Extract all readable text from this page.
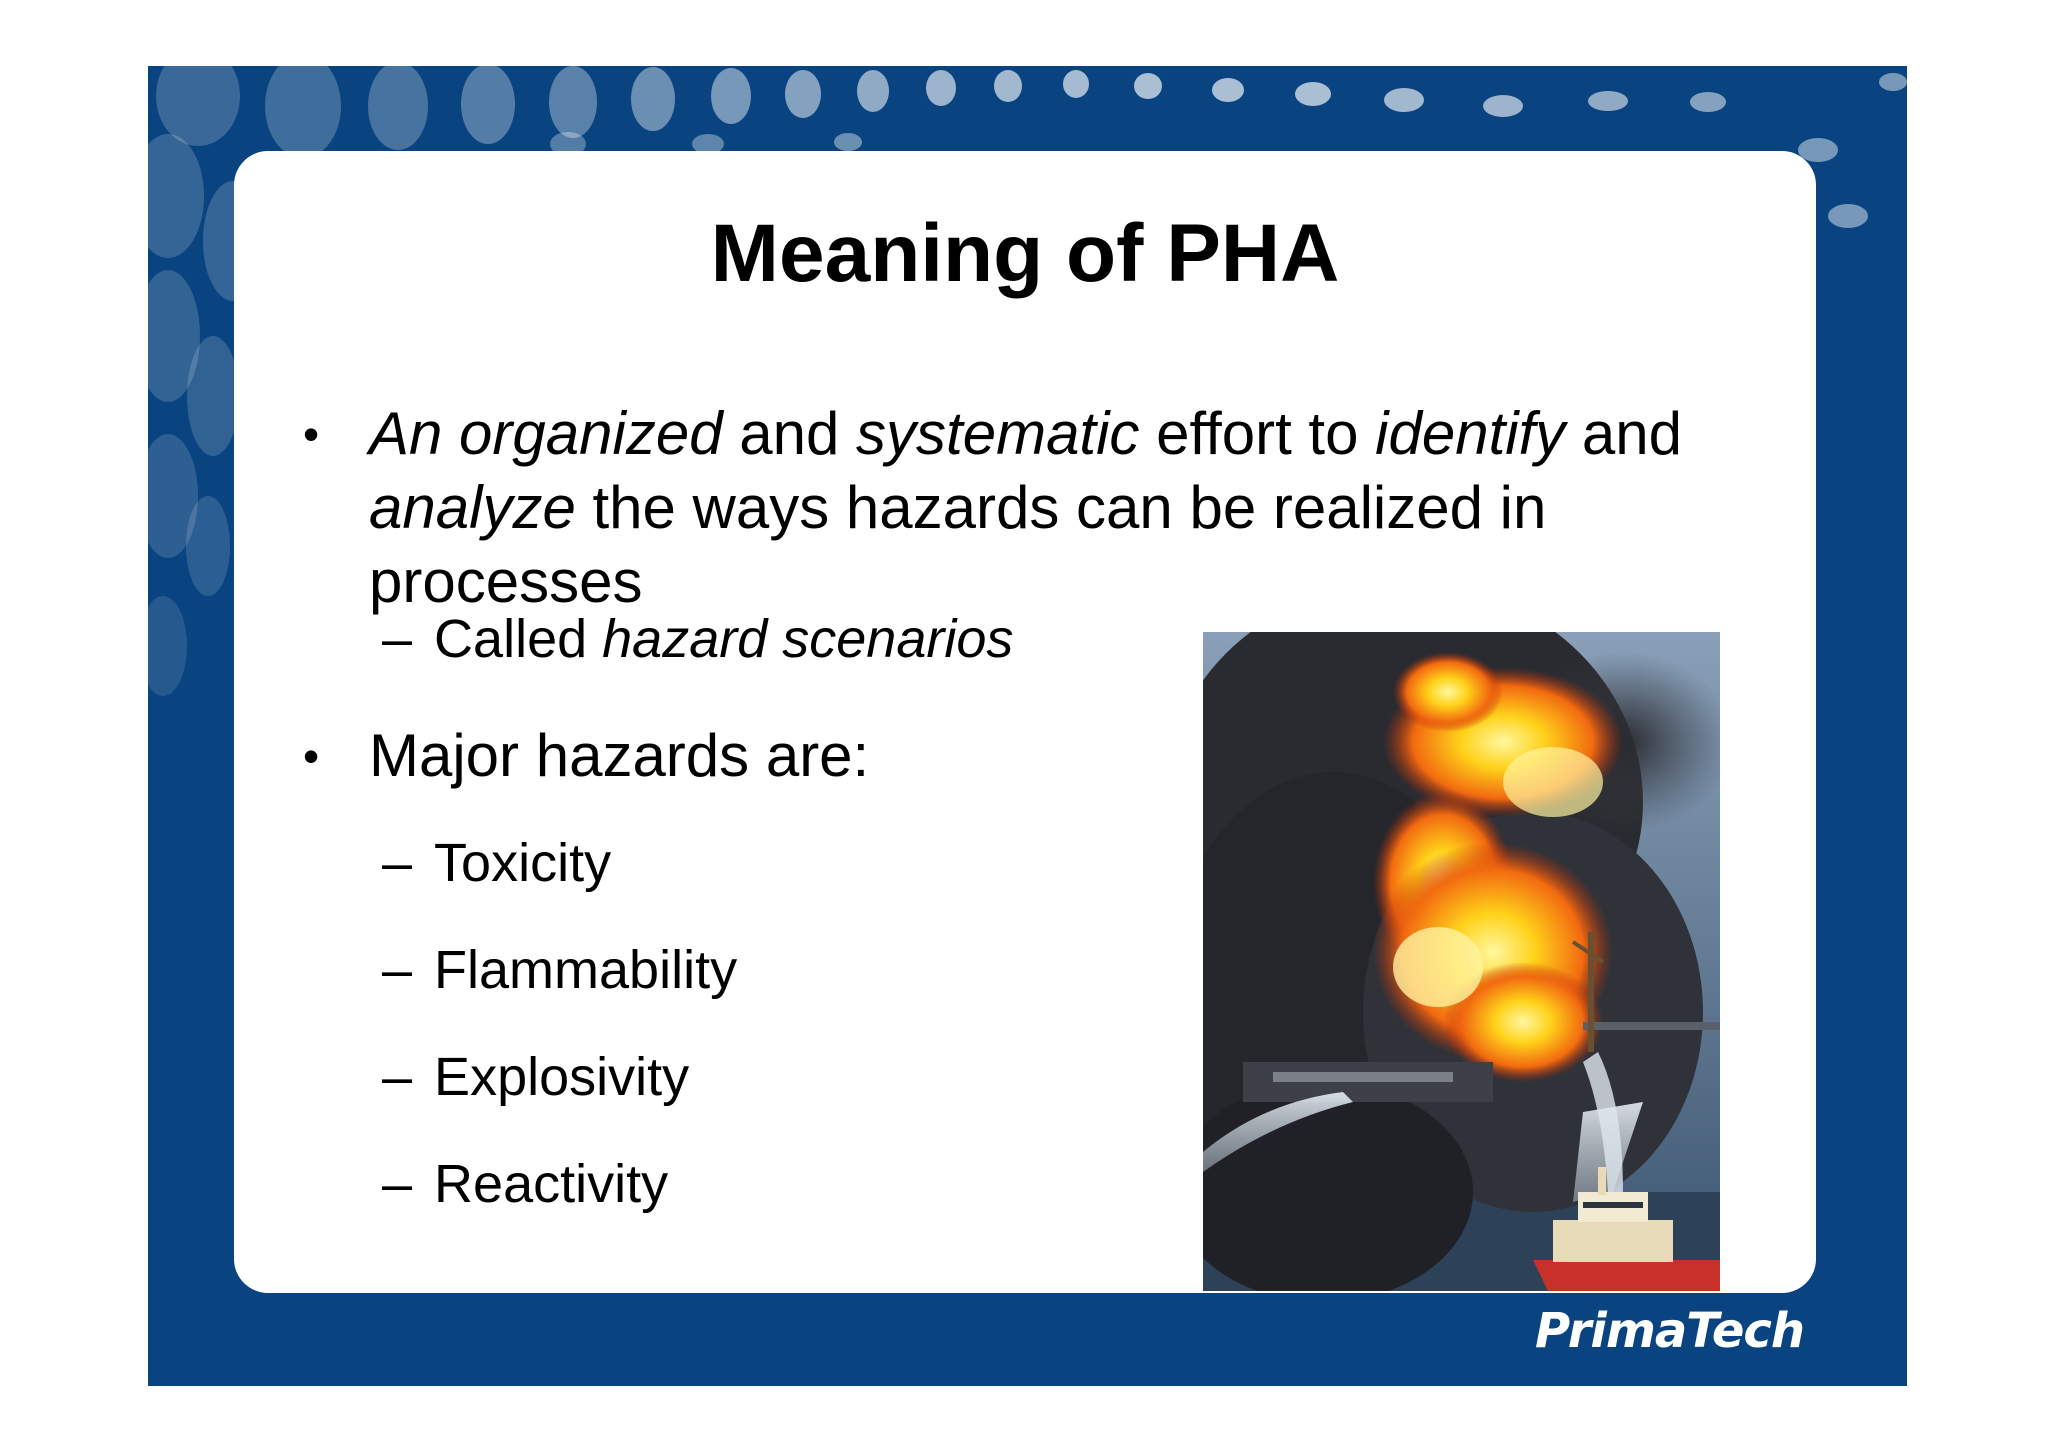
Meaning of PHA
• An organized and systematic effort to identify and analyze the ways hazards can be realized in processes
– Called hazard scenarios
• Major hazards are:
– Toxicity
– Flammability
– Explosivity
– Reactivity
PrimaTech
